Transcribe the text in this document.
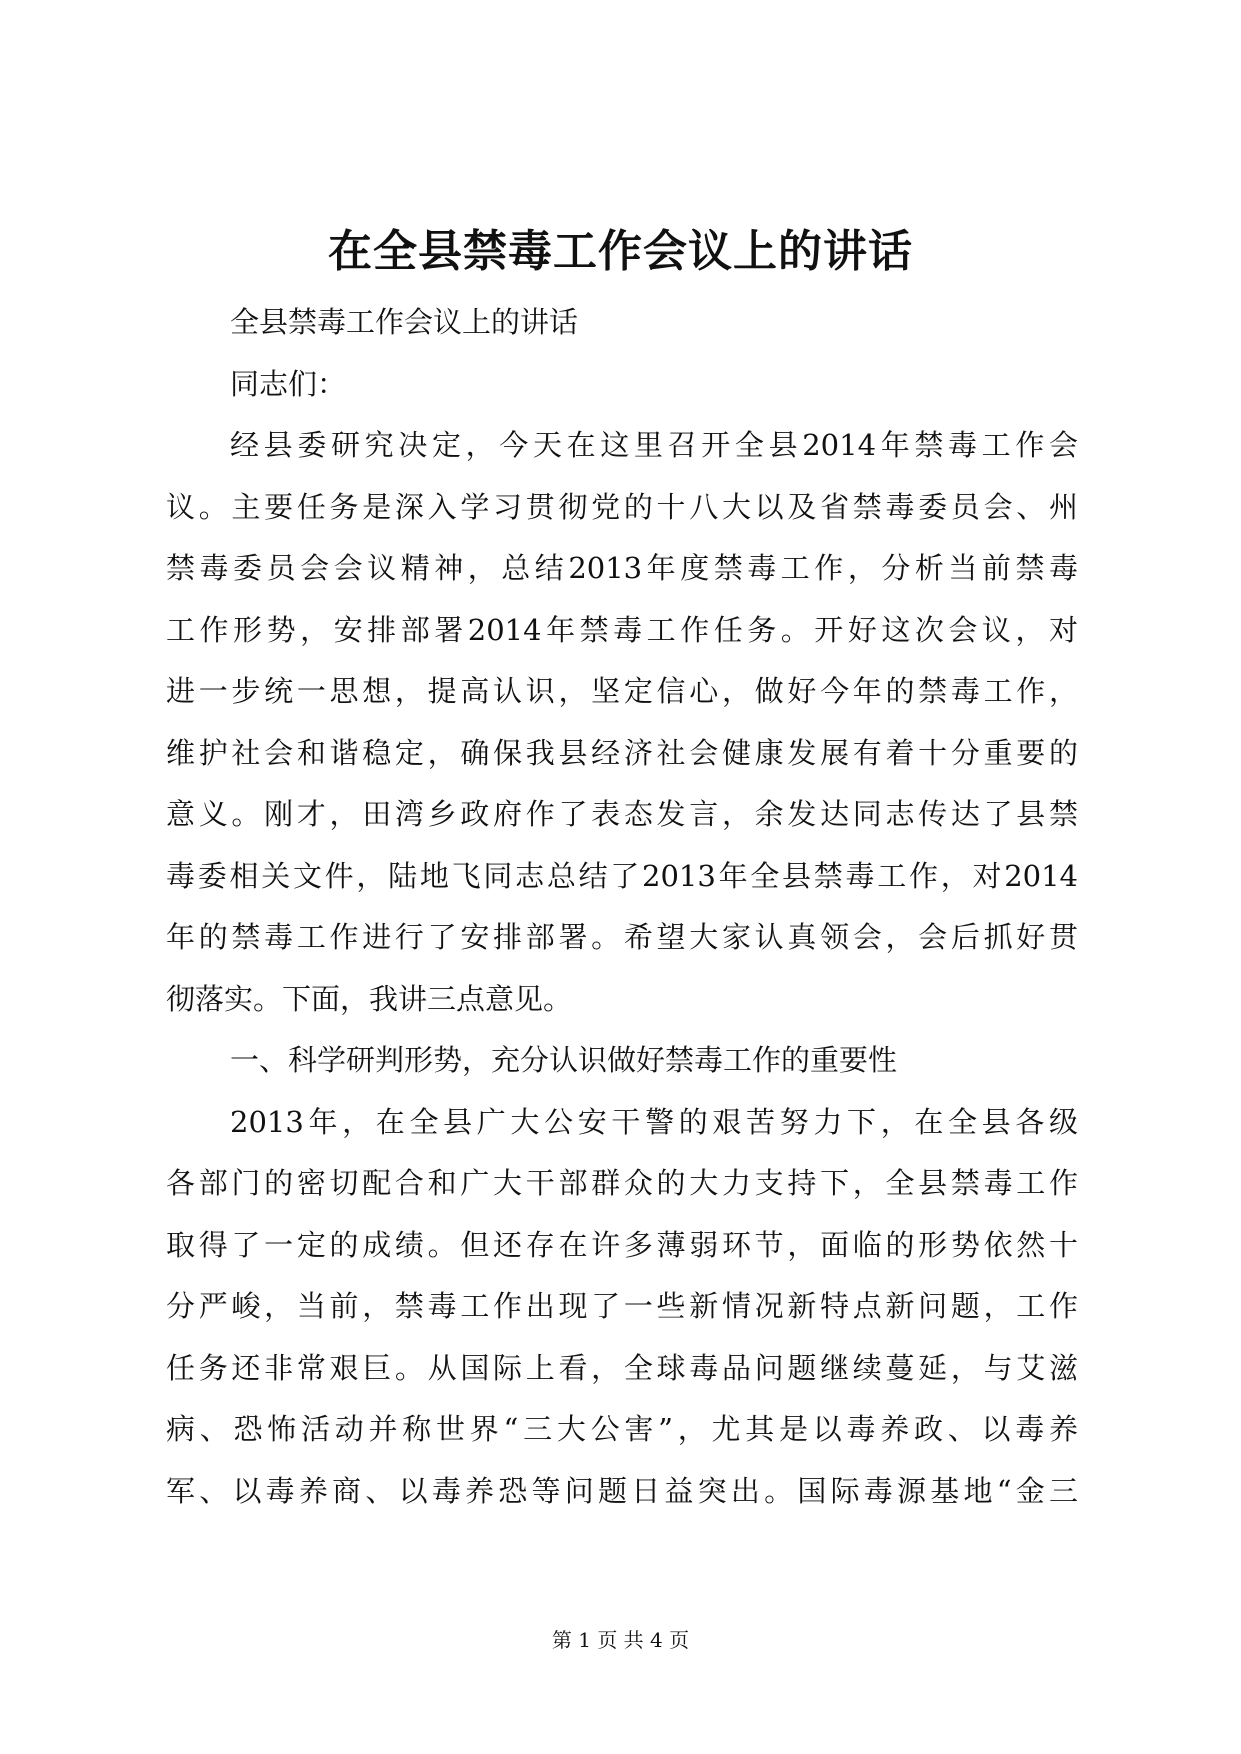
在全县禁毒工作会议上的讲话
全县禁毒工作会议上的讲话
同志们：
经县委研究决定，今天在这里召开全县2014年禁毒工作会
议。主要任务是深入学习贯彻党的十八大以及省禁毒委员会、州
禁毒委员会会议精神，总结2013年度禁毒工作，分析当前禁毒
工作形势，安排部署2014年禁毒工作任务。开好这次会议，对
进一步统一思想，提高认识，坚定信心，做好今年的禁毒工作，
维护社会和谐稳定，确保我县经济社会健康发展有着十分重要的
意义。刚才，田湾乡政府作了表态发言，余发达同志传达了县禁
毒委相关文件，陆地飞同志总结了2013年全县禁毒工作，对2014
年的禁毒工作进行了安排部署。希望大家认真领会，会后抓好贯
彻落实。下面，我讲三点意见。
一、科学研判形势，充分认识做好禁毒工作的重要性
2013年，在全县广大公安干警的艰苦努力下，在全县各级
各部门的密切配合和广大干部群众的大力支持下，全县禁毒工作
取得了一定的成绩。但还存在许多薄弱环节，面临的形势依然十
分严峻，当前，禁毒工作出现了一些新情况新特点新问题，工作
任务还非常艰巨。从国际上看，全球毒品问题继续蔓延，与艾滋
病、恐怖活动并称世界“三大公害”，尤其是以毒养政、以毒养
军、以毒养商、以毒养恐等问题日益突出。国际毒源基地“金三
第 1 页 共 4 页
